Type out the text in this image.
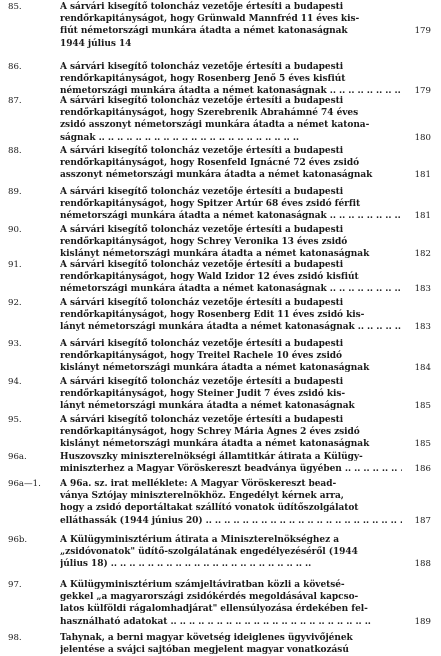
85.	A sárvári kisegítő toloncház vezetője értesíti a budapesti
rendőrkapitányságot, hogy Grünwald Mannfréd 11 éves kis-
fiút németországi munkára átadta a német katonaságnak
1944 július 14
179
86.	A sárvári kisegítő toloncház vezetője értesíti a budapesti
rendőrkapitányságot, hogy Rosenberg Jenő 5 éves kisfiút
németországi munkára átadta a német katonaságnak .. ..	179
87.	A sárvári kisegítő toloncház vezetője értesíti a budapesti
rendőrkapitányságot, hogy Szerebrenik Ábrahámné 74 éves
zsidó asszonyt németországi munkára átadta a német katona-
ságnak .. ..	180
88.	A sárvári kisegítő toloncház vezetője értesíti a budapesti
rendőrkapitányságot, hogy Rosenfeld Ignácné 72 éves zsidó
asszonyt németországi munkára átadta a német katonaságnak	181
89.	A sárvári kisegítő toloncház vezetője értesíti a budapesti
rendőrkapitányságot, hogy Spitzer Artúr 68 éves zsidó férfit
németországi munkára átadta a német katonaságnak .. ..	181
90.	A sárvári kisegítő toloncház vezetője értesíti a budapesti
rendőrkapitányságot, hogy Schrey Veronika 13 éves zsidó
kislányt németországi munkára átadta a német katonaságnak	182
91.	A sárvári kisegítő toloncház vezetője értesíti a budapesti
rendőrkapitányságot, hogy Wald Izidor 12 éves zsidó kisfiút
németországi munkára átadta a német katonaságnak .. ..	183
92.	A sárvári kisegítő toloncház vezetője értesíti a budapesti
rendőrkapitányságot, hogy Rosenberg Edit 11 éves zsidó kis-
lányt németországi munkára átadta a német katonaságnak .. ..	183
93.	A sárvári kisegítő toloncház vezetője értesíti a budapesti
rendőrkapitányságot, hogy Treitel Rachele 10 éves zsidó
kislányt németországi munkára átadta a német katonaságnak	184
94.	A sárvári kisegítő toloncház vezetője értesíti a budapesti
rendőrkapitányságot, hogy Steiner Judit 7 éves zsidó kis-
lányt németországi munkára átadta a német katonaságnak	185
95.	A sárvári kisegítő toloncház vezetője értesíti a budapesti
rendőrkapitányságot, hogy Schrey Mária Ágnes 2 éves zsidó
kislányt németországi munkára átadta a német katonaságnak	185
96a.	Huszovszky miniszterelnökségi államtitkár átirata a Külügy-
miniszterhez a Magyar Vöröskereszt beadványa ügyében .. ..	186
96a—1. A 96a. sz. irat melléklete: A Magyar Vöröskereszt bead-
ványa Sztójay miniszterelnökhöz. Engedélyt kérnek arra,
hogy a zsidó deportáltakat szállító vonatok üdítőszolgálatot
elláthassák (1944 június 20) .. ..	187
96b.	A Külügyminisztérium átirata a Miniszterelnökséghez a
„zsidóvonatok" üdítő-szolgálatának engedélyezéséről (1944
július 18) .. ..	188
97.	A Külügyminisztérium számjeltáviratban közli a követsé-
gekkel „a magyarországi zsidókérdés megoldásával kapcso-
latos külföldi rágalomhadjárat" ellensúlyozása érdekében fel-
használható adatokat .. ..	189
98.	Tahynak, a berni magyar követség ideiglenes ügyvivőjének
jelentése a svájci sajtóban megjelent magyar vonatkozású
